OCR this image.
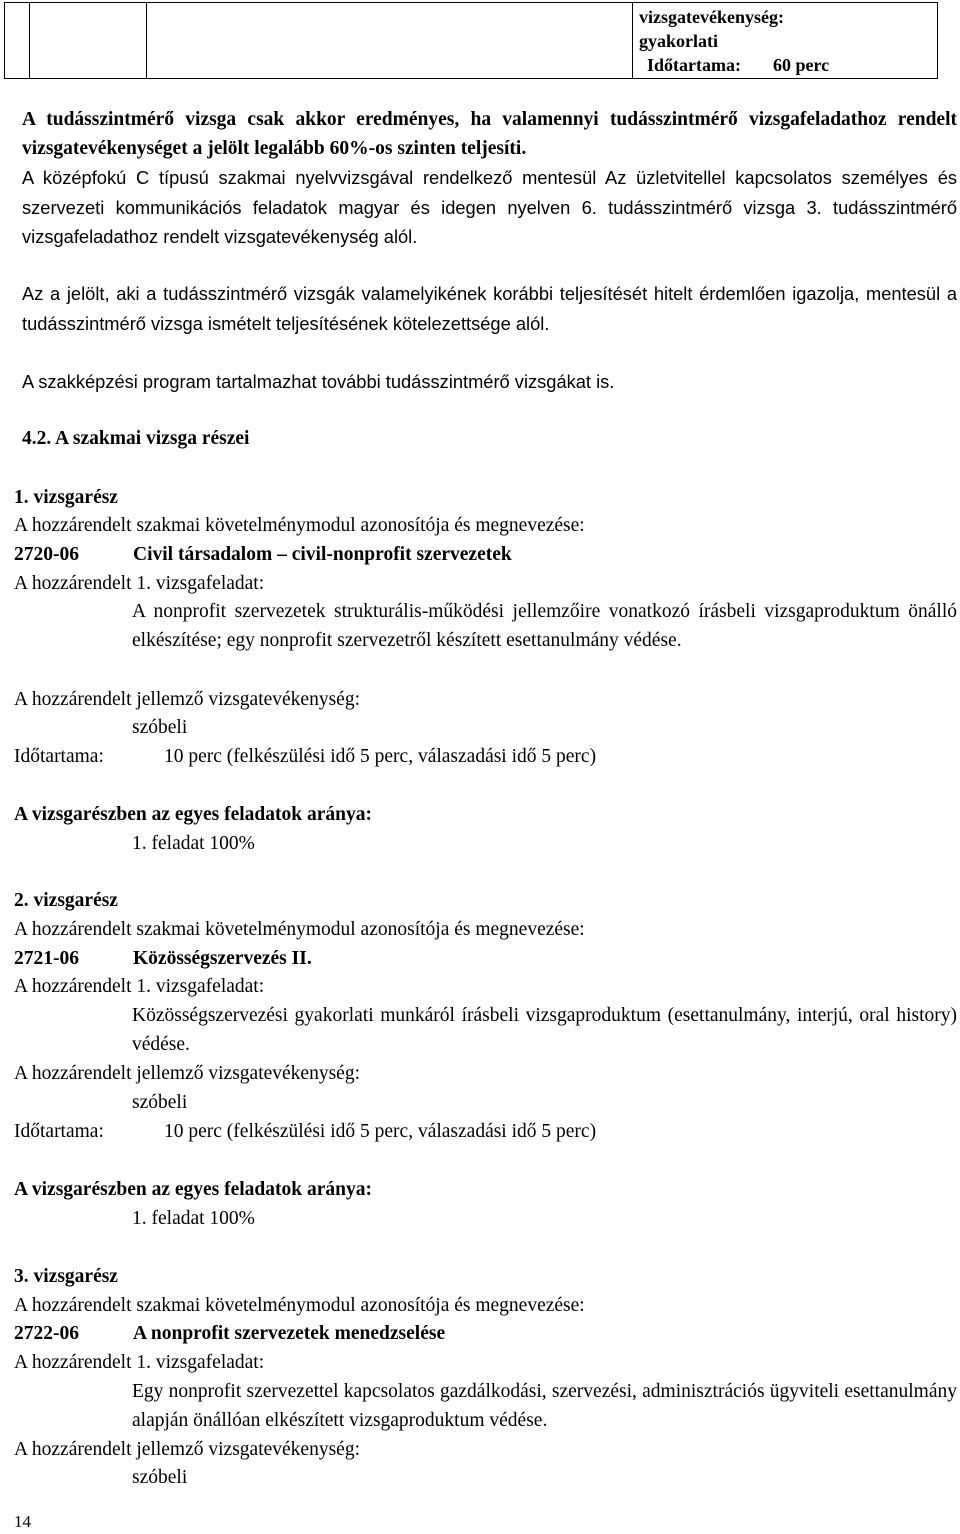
vizsgatevékenység:
gyakorlati
Időtartama: 60 perc
A tudásszintmérő vizsga csak akkor eredményes, ha valamennyi tudásszintmérő vizsgafeladathoz rendelt vizsgatevékenységet a jelölt legalább 60%-os szinten teljesíti.
A középfokú C típusú szakmai nyelvvizsgával rendelkező mentesül Az üzletvitellel kapcsolatos személyes és szervezeti kommunikációs feladatok magyar és idegen nyelven 6. tudásszintmérő vizsga 3. tudásszintmérő vizsgafeladathoz rendelt vizsgatevékenység alól.
Az a jelölt, aki a tudásszintmérő vizsgák valamelyikének korábbi teljesítését hitelt érdemlően igazolja, mentesül a tudásszintmérő vizsga ismételt teljesítésének kötelezettsége alól.
A szakképzési program tartalmazhat további tudásszintmérő vizsgákat is.
4.2. A szakmai vizsga részei
1. vizsgarész
A hozzárendelt szakmai követelménymodul azonosítója és megnevezése:
2720-06	Civil társadalom – civil-nonprofit szervezetek
A hozzárendelt 1. vizsgafeladat:
A nonprofit szervezetek strukturális-működési jellemzőire vonatkozó írásbeli vizsgaproduktum önálló elkészítése; egy nonprofit szervezetről készített esettanulmány védése.
A hozzárendelt jellemző vizsgatevékenység:
szóbeli
Időtartama:	10 perc (felkészülési idő 5 perc, válaszadási idő 5 perc)
A vizsgarészben az egyes feladatok aránya:
1. feladat 100%
2. vizsgarész
A hozzárendelt szakmai követelménymodul azonosítója és megnevezése:
2721-06	Közösségszervezés II.
A hozzárendelt 1. vizsgafeladat:
Közösségszervezési gyakorlati munkáról írásbeli vizsgaproduktum (esettanulmány, interjú, oral history) védése.
A hozzárendelt jellemző vizsgatevékenység:
szóbeli
Időtartama:	10 perc (felkészülési idő 5 perc, válaszadási idő 5 perc)
A vizsgarészben az egyes feladatok aránya:
1. feladat 100%
3. vizsgarész
A hozzárendelt szakmai követelménymodul azonosítója és megnevezése:
2722-06	A nonprofit szervezetek menedzselése
A hozzárendelt 1. vizsgafeladat:
Egy nonprofit szervezettel kapcsolatos gazdálkodási, szervezési, adminisztrációs ügyviteli esettanulmány alapján önállóan elkészített vizsgaproduktum védése.
A hozzárendelt jellemző vizsgatevékenység:
szóbeli
14
